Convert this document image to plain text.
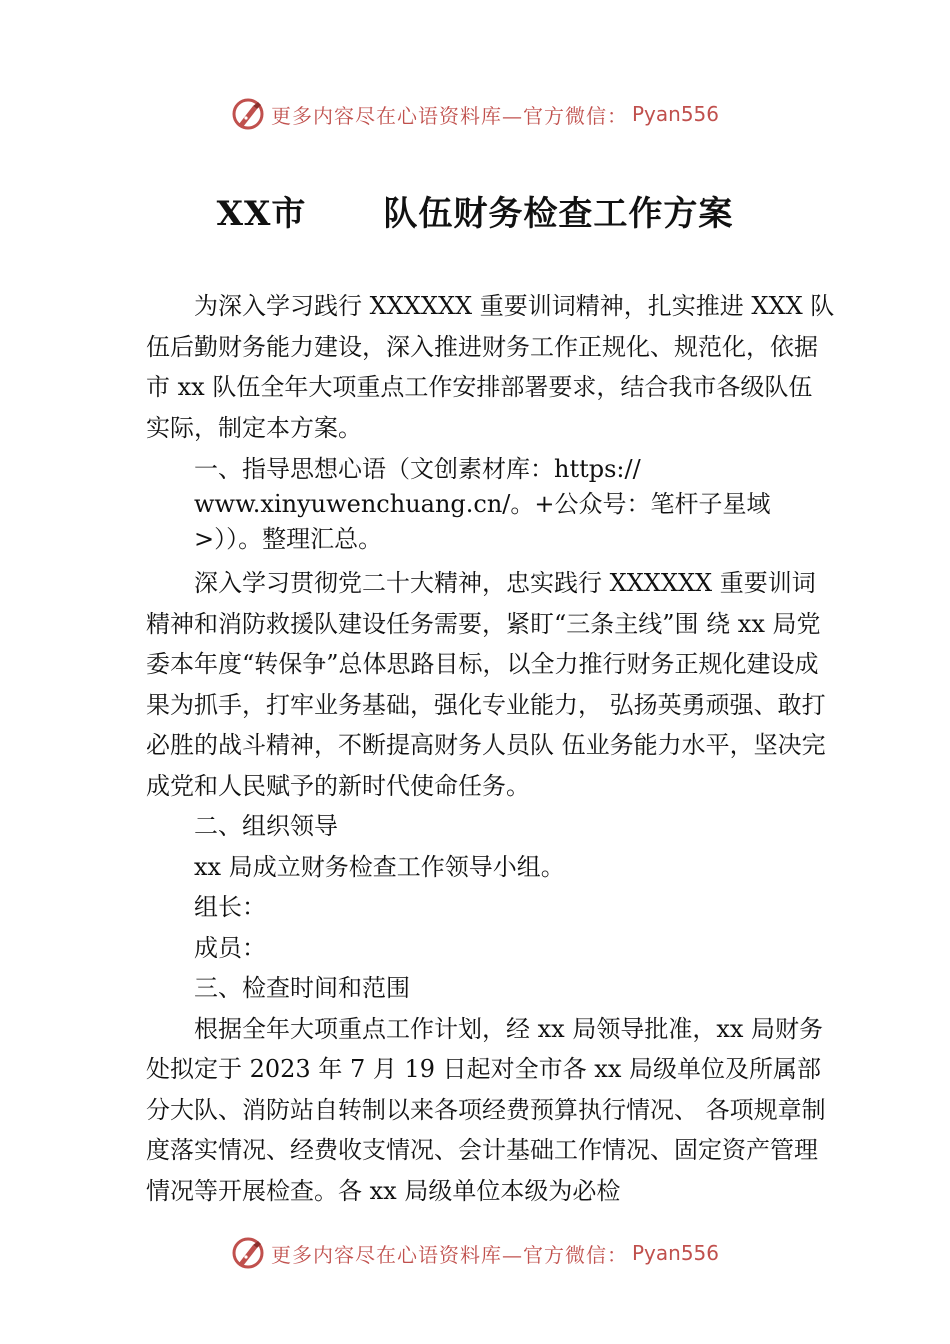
更多内容尽在心语资料库—官方微信： Pyan556
XX市      队伍财务检查工作方案

为深入学习践行 XXXXXX 重要训词精神，扎实推进 XXX 队伍后勤财务能力建设，深入推进财务工作正规化、规范化，依据市 xx 队伍全年大项重点工作安排部署要求，结合我市各级队伍实际，制定本方案。

一、指导思想心语（文创素材库：https:// www.xinyuwenchuang.cn/。+公众号：笔杆子星域>））。整理汇总。

深入学习贯彻党二十大精神，忠实践行 XXXXXX 重要训词精神和消防救援队建设任务需要，紧盯“三条主线”围 绕 xx 局党委本年度“转保争”总体思路目标，以全力推行财务正规化建设成果为抓手，打牢业务基础，强化专业能力， 弘扬英勇顽强、敢打必胜的战斗精神，不断提高财务人员队 伍业务能力水平，坚决完成党和人民赋予的新时代使命任务。

二、组织领导

xx 局成立财务检查工作领导小组。

组长：

成员：

三、检查时间和范围

根据全年大项重点工作计划，经 xx 局领导批准，xx 局财务处拟定于 2023 年 7 月 19 日起对全市各 xx 局级单位及所属部分大队、消防站自转制以来各项经费预算执行情况、 各项规章制度落实情况、经费收支情况、会计基础工作情况、固定资产管理情况等开展检查。各 xx 局级单位本级为必检

更多内容尽在心语资料库—官方微信： Pyan556
